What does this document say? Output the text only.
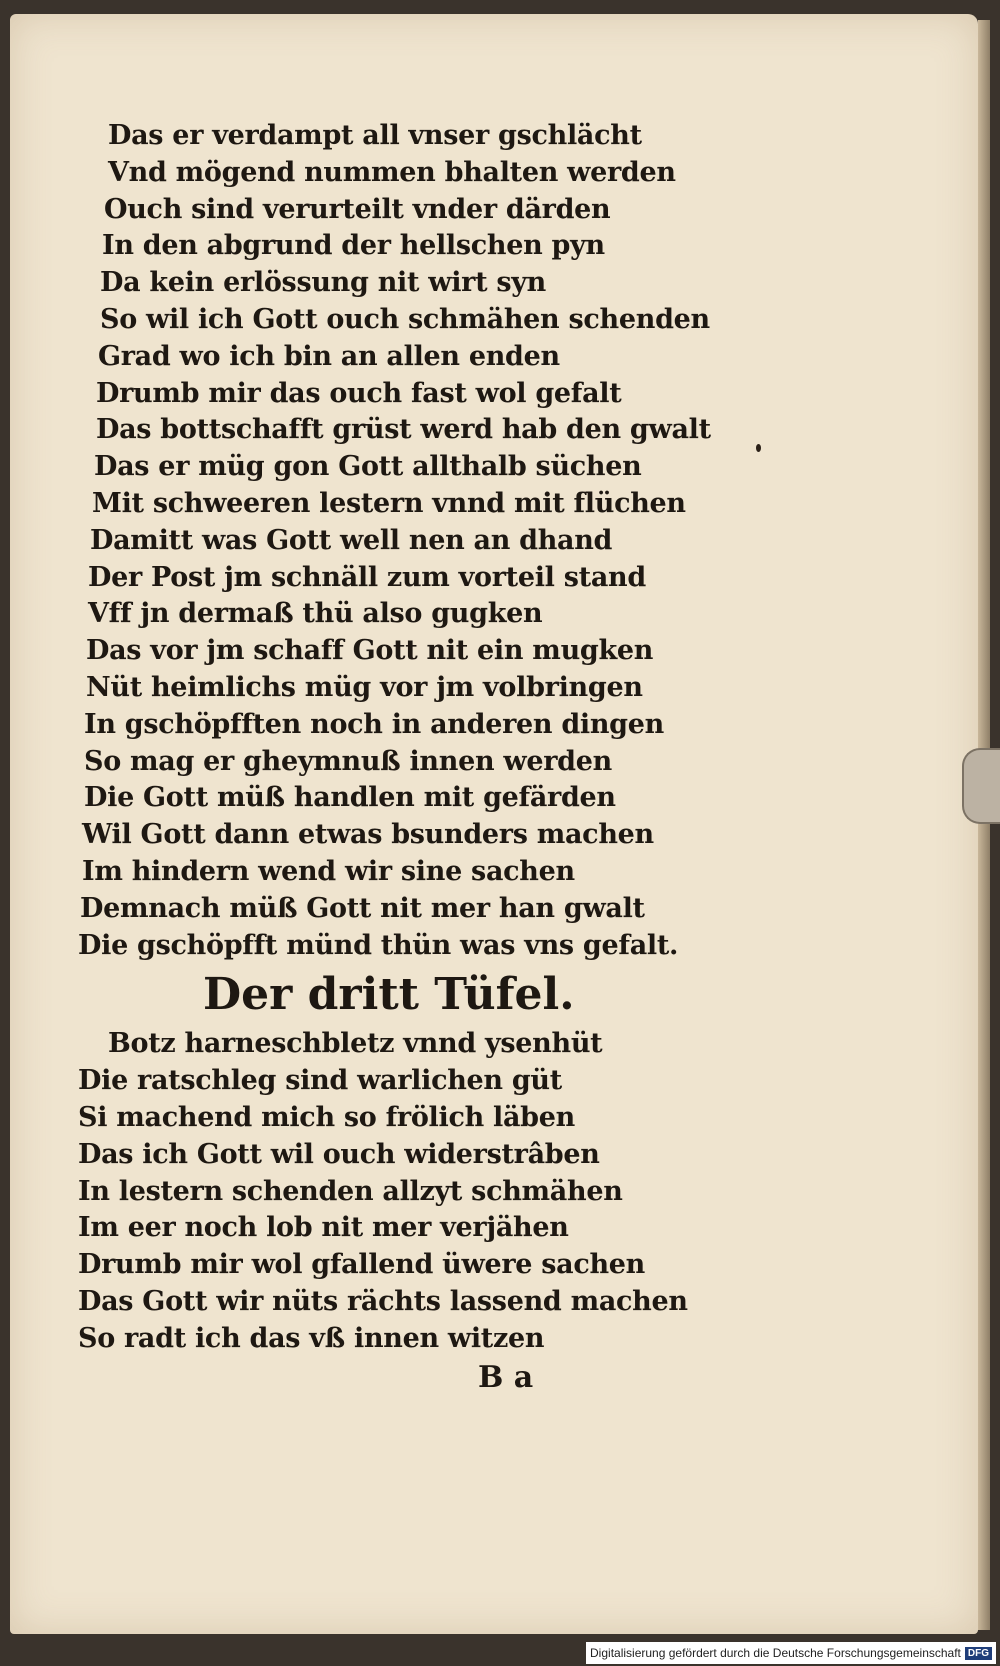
Das er verdampt all vnser gschlächt
Vnd mögend nummen bhalten werden
Ouch sind verurteilt vnder därden
In den abgrund der hellschen pyn
Da kein erlössung nit wirt syn
So wil ich Gott ouch schmähen schenden
Grad wo ich bin an allen enden
Drumb mir das ouch fast wol gefalt
Das bottschafft grüst werd hab den gwalt
Das er müg gon Gott allthalb süchen
Mit schweeren lestern vnnd mit flüchen
Damitt was Gott well nen an dhand
Der Post jm schnäll zum vorteil stand
Vff jn dermaß thü also gugken
Das vor jm schaff Gott nit ein mugken
Nüt heimlichs müg vor jm volbringen
In gschöpfften noch in anderen dingen
So mag er gheymnuß innen werden
Die Gott müß handlen mit gefärden
Wil Gott dann etwas bsunders machen
Im hindern wend wir sine sachen
Demnach müß Gott nit mer han gwalt
Die gschöpfft münd thün was vns gefalt.
Der dritt Tüfel.
Botz harneschbletz vnnd ysenhüt
Die ratschleg sind warlichen güt
Si machend mich so frölich läben
Das ich Gott wil ouch widerstrâben
In lestern schenden allzyt schmähen
Im eer noch lob nit mer verjähen
Drumb mir wol gfallend üwere sachen
Das Gott wir nüts rächts lassend machen
So radt ich das vß innen witzen
B a
Digitalisierung gefördert durch die Deutsche Forschungsgemeinschaft DFG
